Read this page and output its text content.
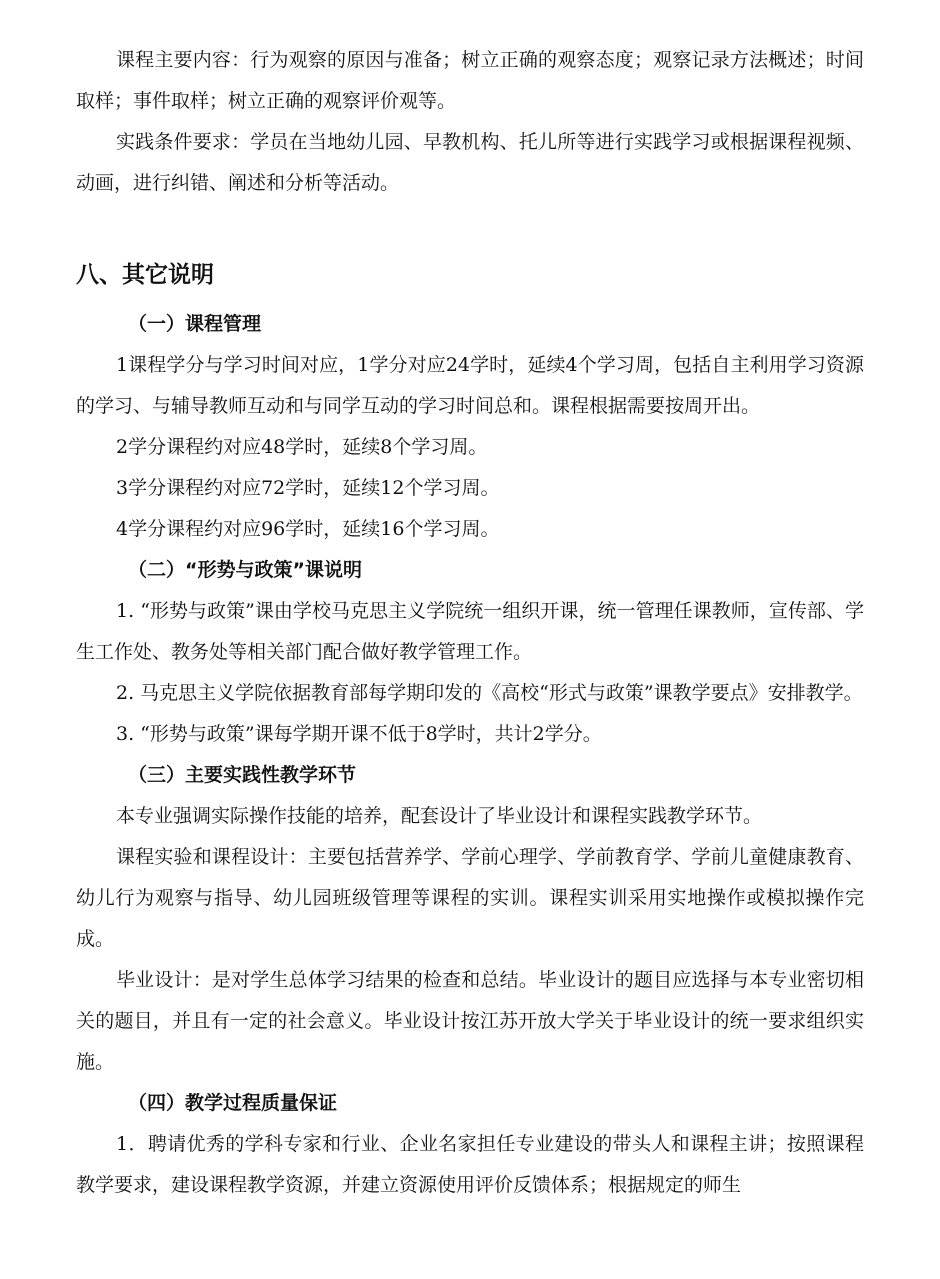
课程主要内容：行为观察的原因与准备；树立正确的观察态度；观察记录方法概述；时间取样；事件取样；树立正确的观察评价观等。

实践条件要求：学员在当地幼儿园、早教机构、托儿所等进行实践学习或根据课程视频、动画，进行纠错、阐述和分析等活动。

八、其它说明
（一）课程管理

1课程学分与学习时间对应，1学分对应24学时，延续4个学习周，包括自主利用学习资源的学习、与辅导教师互动和与同学互动的学习时间总和。课程根据需要按周开出。

2学分课程约对应48学时，延续8个学习周。

3学分课程约对应72学时，延续12个学习周。

4学分课程约对应96学时，延续16个学习周。

（二）“形势与政策”课说明

1. “形势与政策”课由学校马克思主义学院统一组织开课，统一管理任课教师，宣传部、学生工作处、教务处等相关部门配合做好教学管理工作。

2. 马克思主义学院依据教育部每学期印发的《高校“形式与政策”课教学要点》安排教学。

3. “形势与政策”课每学期开课不低于8学时，共计2学分。

（三）主要实践性教学环节

本专业强调实际操作技能的培养，配套设计了毕业设计和课程实践教学环节。

课程实验和课程设计：主要包括营养学、学前心理学、学前教育学、学前儿童健康教育、幼儿行为观察与指导、幼儿园班级管理等课程的实训。课程实训采用实地操作或模拟操作完成。

毕业设计：是对学生总体学习结果的检查和总结。毕业设计的题目应选择与本专业密切相关的题目，并且有一定的社会意义。毕业设计按江苏开放大学关于毕业设计的统一要求组织实施。

（四）教学过程质量保证

1．聘请优秀的学科专家和行业、企业名家担任专业建设的带头人和课程主讲；按照课程教学要求，建设课程教学资源，并建立资源使用评价反馈体系；根据规定的师生
